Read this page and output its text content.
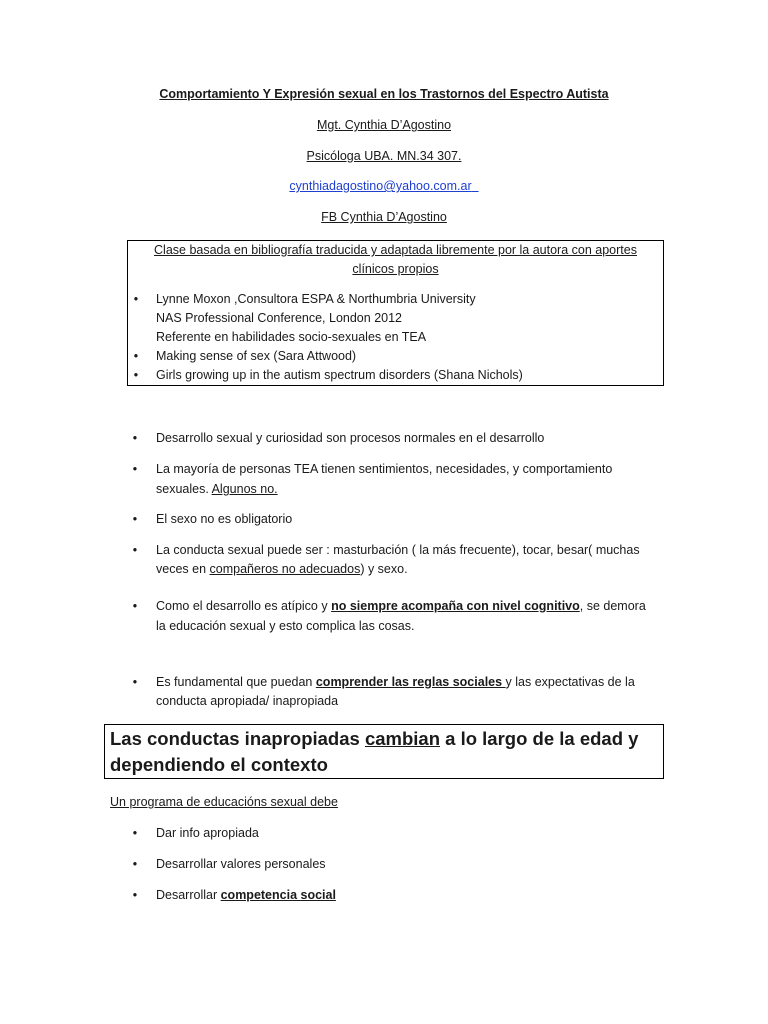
Comportamiento Y Expresión sexual en los Trastornos del Espectro Autista
Mgt. Cynthia D’Agostino
Psicóloga UBA. MN.34 307.
cynthiadagostino@yahoo.com.ar
FB Cynthia D’Agostino
Clase basada en bibliografía traducida y adaptada libremente por la autora con aportes
clínicos propios
•	Lynne Moxon ,Consultora ESPA & Northumbria University
NAS Professional Conference, London 2012
Referente en habilidades socio-sexuales en TEA
•	Making sense of sex (Sara Attwood)
•	Girls growing up in the autism spectrum disorders (Shana Nichols)
•	Desarrollo sexual y curiosidad son procesos normales en el desarrollo
•	La mayoría de personas TEA tienen sentimientos, necesidades, y comportamiento
sexuales. Algunos no.
•	El sexo no es obligatorio
•	La conducta sexual puede ser : masturbación ( la más frecuente), tocar, besar( muchas
veces en compañeros no adecuados) y sexo.
•	Como el desarrollo es atípico y no siempre acompaña con nivel cognitivo, se demora
la educación sexual y esto complica las cosas.
•	Es fundamental que puedan comprender las reglas sociales y las expectativas de la
conducta apropiada/ inapropiada
Las conductas inapropiadas cambian a lo largo de la edad y
dependiendo el contexto
Un programa de educacións sexual debe
•	Dar info apropiada
•	Desarrollar valores personales
•	Desarrollar competencia social
